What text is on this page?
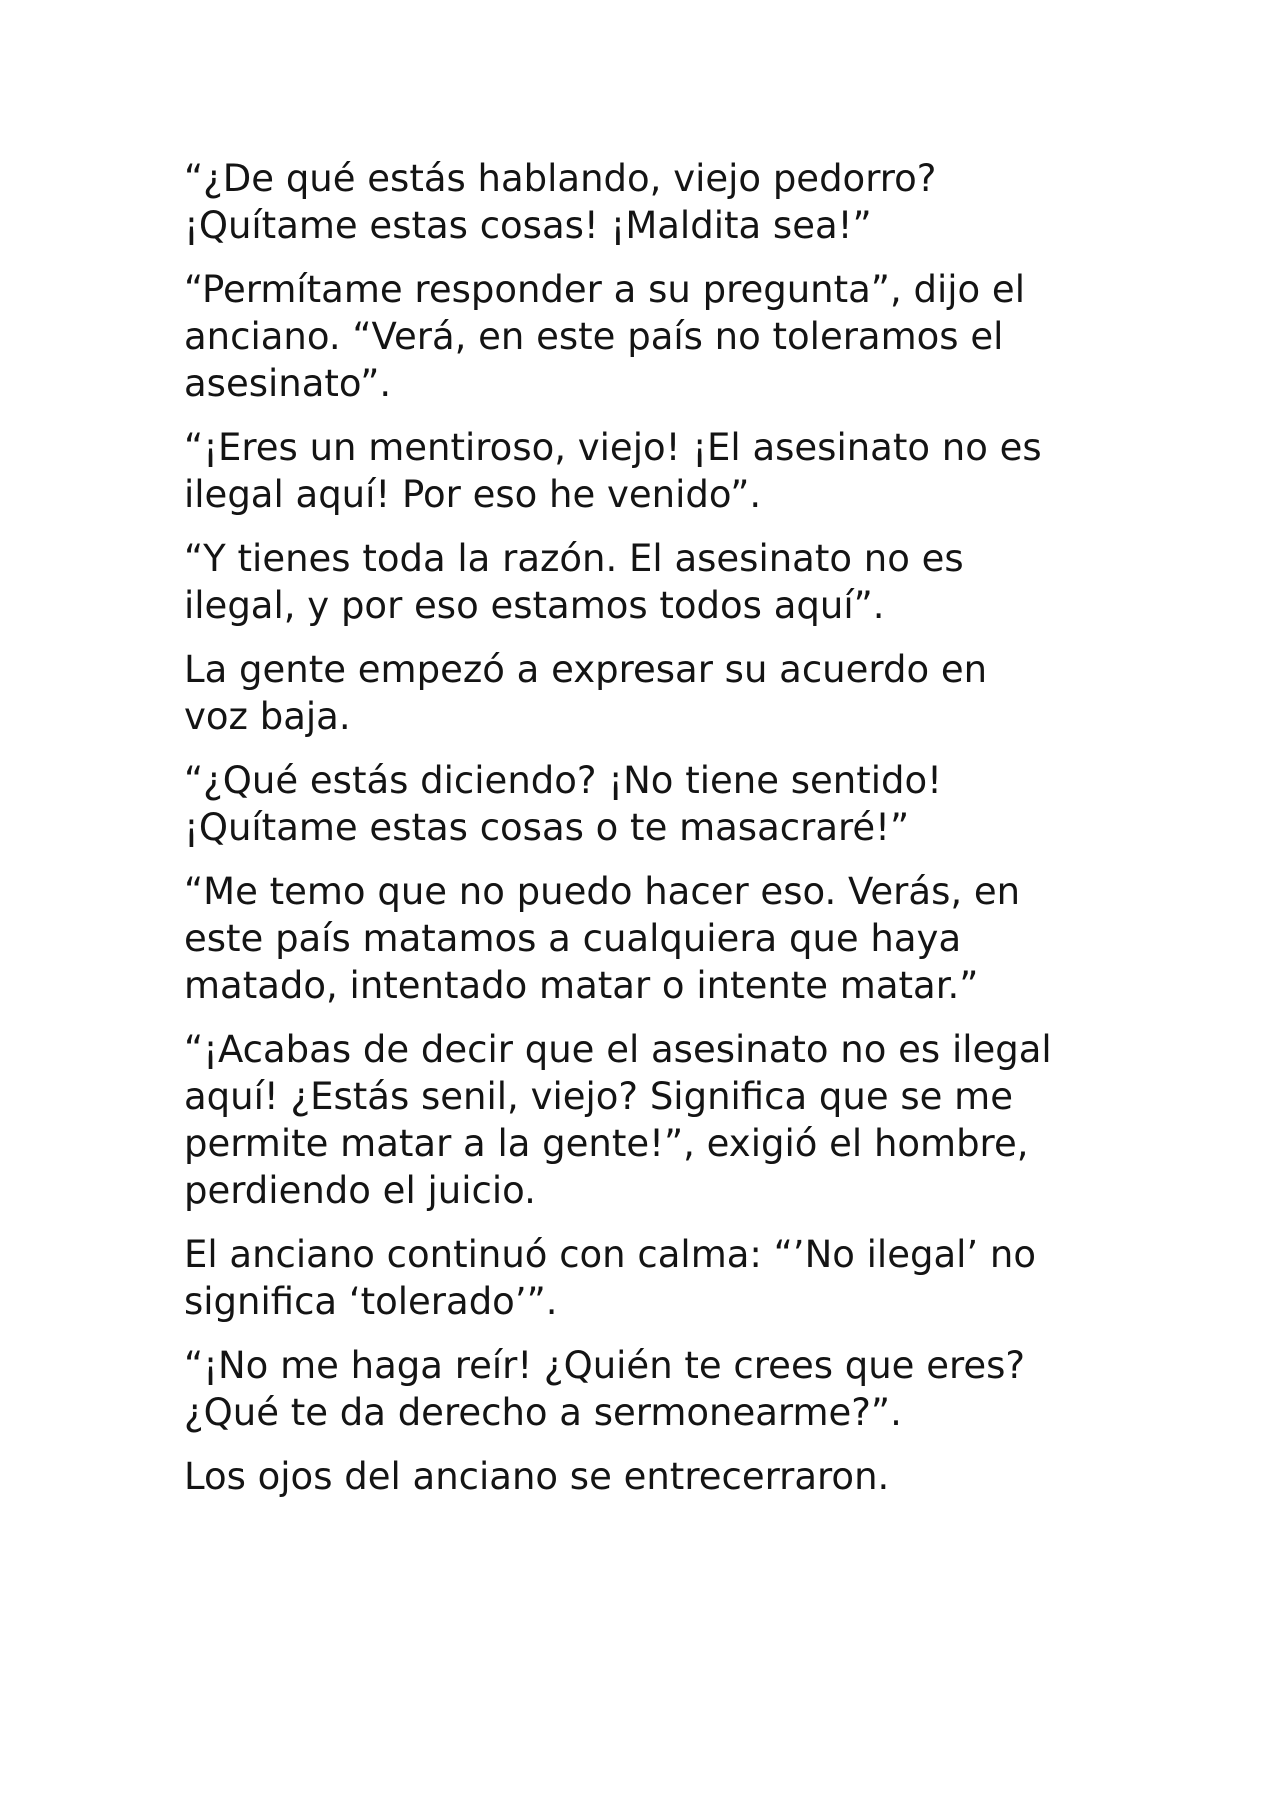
“¿De qué estás hablando, viejo pedorro?
¡Quítame estas cosas! ¡Maldita sea!”

“Permítame responder a su pregunta”, dijo el
anciano. “Verá, en este país no toleramos el
asesinato”.

“¡Eres un mentiroso, viejo! ¡El asesinato no es
ilegal aquí! Por eso he venido”.

“Y tienes toda la razón. El asesinato no es
ilegal, y por eso estamos todos aquí”.

La gente empezó a expresar su acuerdo en
voz baja.

“¿Qué estás diciendo? ¡No tiene sentido!
¡Quítame estas cosas o te masacraré!”

“Me temo que no puedo hacer eso. Verás, en
este país matamos a cualquiera que haya
matado, intentado matar o intente matar.”

“¡Acabas de decir que el asesinato no es ilegal
aquí! ¿Estás senil, viejo? Significa que se me
permite matar a la gente!”, exigió el hombre,
perdiendo el juicio.

El anciano continuó con calma: “’No ilegal’ no
significa ‘tolerado’”.

“¡No me haga reír! ¿Quién te crees que eres?
¿Qué te da derecho a sermonearme?”.

Los ojos del anciano se entrecerraron.
